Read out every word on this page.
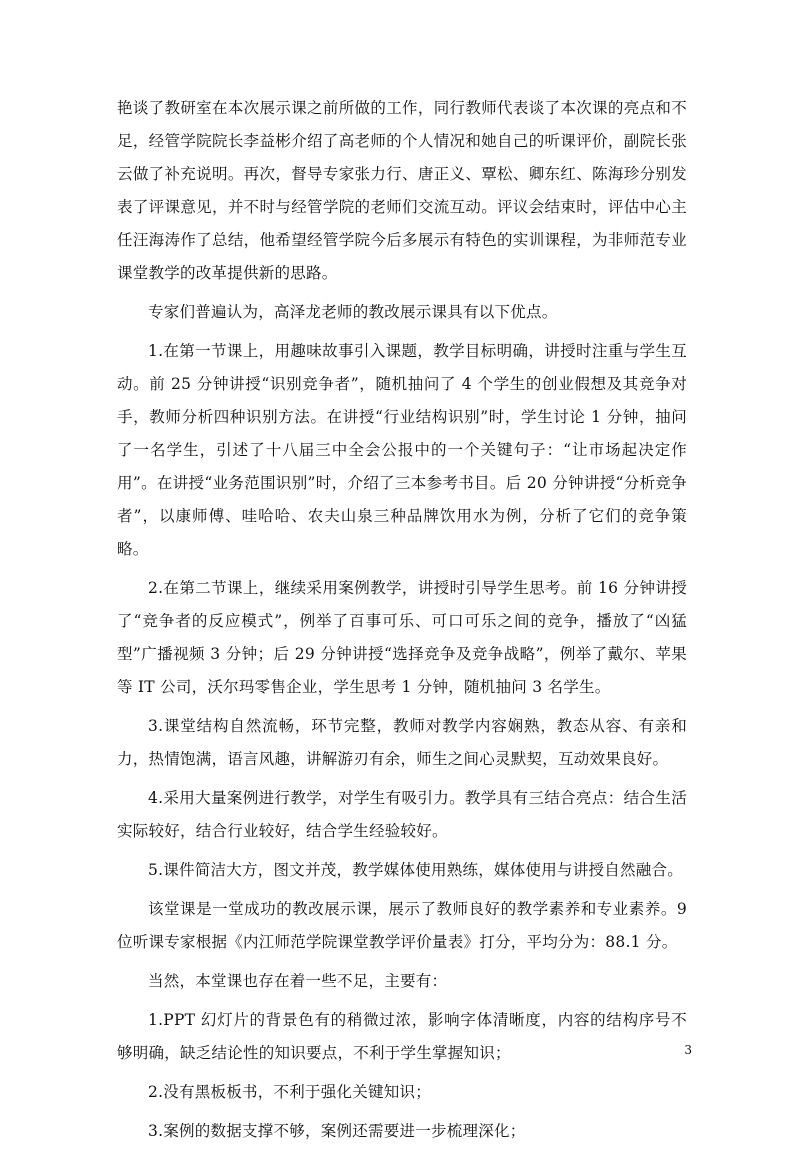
艳谈了教研室在本次展示课之前所做的工作，同行教师代表谈了本次课的亮点和不足，经管学院院长李益彬介绍了高老师的个人情况和她自己的听课评价，副院长张云做了补充说明。再次，督导专家张力行、唐正义、覃松、卿东红、陈海珍分别发表了评课意见，并不时与经管学院的老师们交流互动。评议会结束时，评估中心主任汪海涛作了总结，他希望经管学院今后多展示有特色的实训课程，为非师范专业课堂教学的改革提供新的思路。

专家们普遍认为，高泽龙老师的教改展示课具有以下优点。

1.在第一节课上，用趣味故事引入课题，教学目标明确，讲授时注重与学生互动。前 25 分钟讲授“识别竞争者”，随机抽问了 4 个学生的创业假想及其竞争对手，教师分析四种识别方法。在讲授“行业结构识别”时，学生讨论 1 分钟，抽问了一名学生，引述了十八届三中全会公报中的一个关键句子：“让市场起决定作用”。在讲授“业务范围识别”时，介绍了三本参考书目。后 20 分钟讲授“分析竞争者”，以康师傅、哇哈哈、农夫山泉三种品牌饮用水为例，分析了它们的竞争策略。

2.在第二节课上，继续采用案例教学，讲授时引导学生思考。前 16 分钟讲授了“竞争者的反应模式”，例举了百事可乐、可口可乐之间的竞争，播放了“凶猛型”广播视频 3 分钟；后 29 分钟讲授“选择竞争及竞争战略”，例举了戴尔、苹果等 IT 公司，沃尔玛零售企业，学生思考 1 分钟，随机抽问 3 名学生。

3.课堂结构自然流畅，环节完整，教师对教学内容娴熟，教态从容、有亲和力，热情饱满，语言风趣，讲解游刃有余，师生之间心灵默契，互动效果良好。

4.采用大量案例进行教学，对学生有吸引力。教学具有三结合亮点：结合生活实际较好，结合行业较好，结合学生经验较好。

5.课件简洁大方，图文并茂，教学媒体使用熟练，媒体使用与讲授自然融合。

该堂课是一堂成功的教改展示课，展示了教师良好的教学素养和专业素养。9 位听课专家根据《内江师范学院课堂教学评价量表》打分，平均分为：88.1 分。

当然，本堂课也存在着一些不足，主要有：

1.PPT 幻灯片的背景色有的稍微过浓，影响字体清晰度，内容的结构序号不够明确，缺乏结论性的知识要点，不利于学生掌握知识；

2.没有黑板板书，不利于强化关键知识；

3.案例的数据支撑不够，案例还需要进一步梳理深化；

3
